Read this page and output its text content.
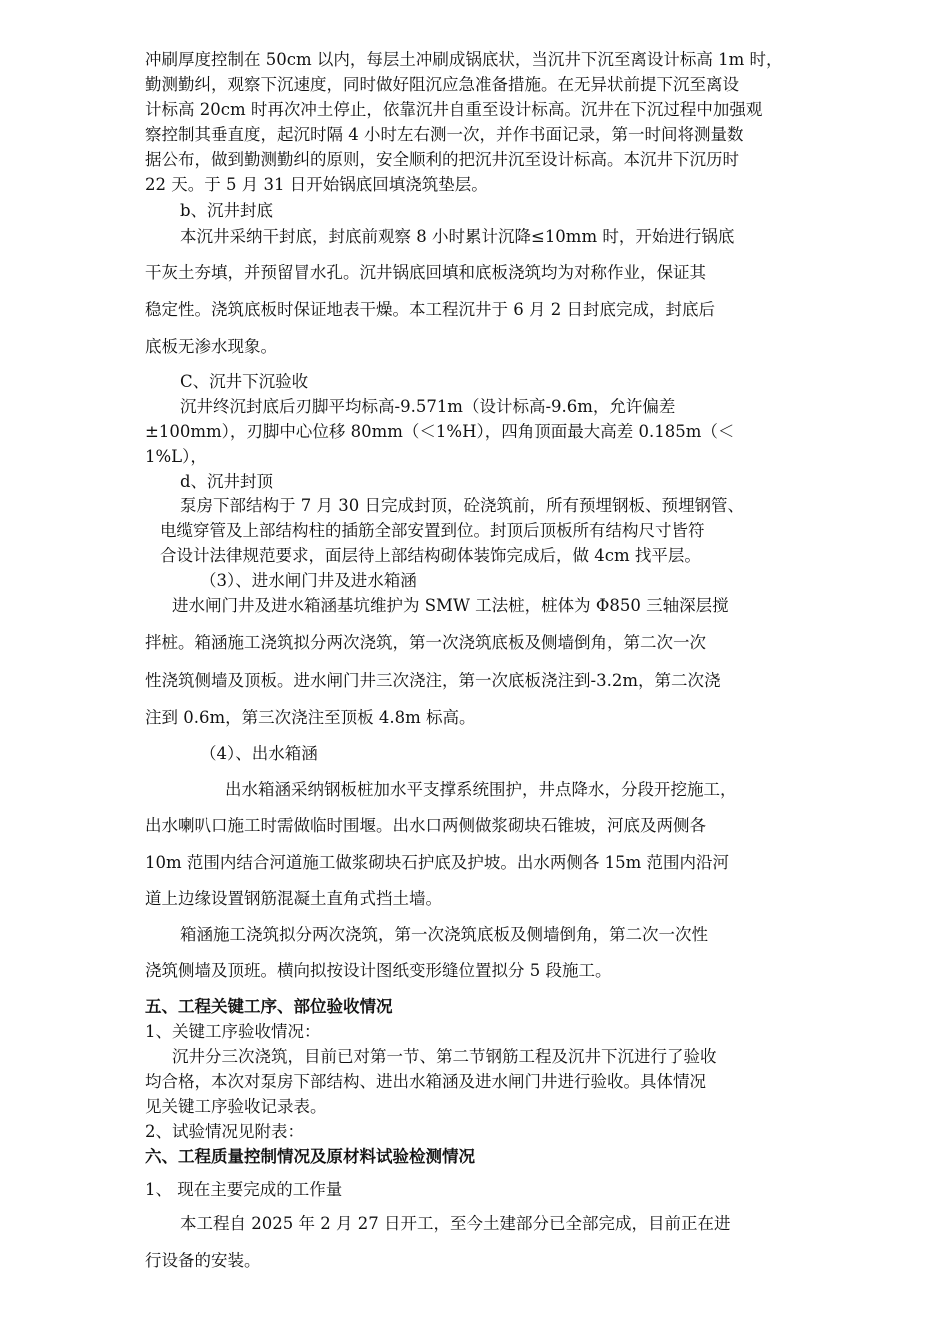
冲刷厚度控制在 50cm 以内，每层土冲刷成锅底状，当沉井下沉至离设计标高 1m 时，
勤测勤纠，观察下沉速度，同时做好阻沉应急准备措施。在无异状前提下沉至离设
计标高 20cm 时再次冲土停止，依靠沉井自重至设计标高。沉井在下沉过程中加强观
察控制其垂直度，起沉时隔 4 小时左右测一次，并作书面记录，第一时间将测量数
据公布，做到勤测勤纠的原则，安全顺利的把沉井沉至设计标高。本沉井下沉历时
22 天。于 5 月 31 日开始锅底回填浇筑垫层。
b、沉井封底
本沉井采纳干封底，封底前观察 8 小时累计沉降≤10mm 时，开始进行锅底
干灰土夯填，并预留冒水孔。沉井锅底回填和底板浇筑均为对称作业，保证其
稳定性。浇筑底板时保证地表干燥。本工程沉井于 6 月 2 日封底完成，封底后
底板无渗水现象。
C、沉井下沉验收
沉井终沉封底后刃脚平均标高-9.571m（设计标高-9.6m，允许偏差
±100mm），刃脚中心位移 80mm（＜1%H），四角顶面最大高差 0.185m（＜
1%L），
d、沉井封顶
泵房下部结构于 7 月 30 日完成封顶，砼浇筑前，所有预埋钢板、预埋钢管、
电缆穿管及上部结构柱的插筋全部安置到位。封顶后顶板所有结构尺寸皆符
合设计法律规范要求，面层待上部结构砌体装饰完成后，做 4cm 找平层。
（3）、进水闸门井及进水箱涵
进水闸门井及进水箱涵基坑维护为 SMW 工法桩，桩体为 Φ850 三轴深层搅
拌桩。箱涵施工浇筑拟分两次浇筑，第一次浇筑底板及侧墙倒角，第二次一次
性浇筑侧墙及顶板。进水闸门井三次浇注，第一次底板浇注到-3.2m，第二次浇
注到 0.6m，第三次浇注至顶板 4.8m 标高。
（4）、出水箱涵
出水箱涵采纳钢板桩加水平支撑系统围护，井点降水，分段开挖施工，
出水喇叭口施工时需做临时围堰。出水口两侧做浆砌块石锥坡，河底及两侧各
10m 范围内结合河道施工做浆砌块石护底及护坡。出水两侧各 15m 范围内沿河
道上边缘设置钢筋混凝土直角式挡土墙。
箱涵施工浇筑拟分两次浇筑，第一次浇筑底板及侧墙倒角，第二次一次性
浇筑侧墙及顶班。横向拟按设计图纸变形缝位置拟分 5 段施工。
五、工程关键工序、部位验收情况
1、关键工序验收情况：
沉井分三次浇筑，目前已对第一节、第二节钢筋工程及沉井下沉进行了验收
均合格，本次对泵房下部结构、进出水箱涵及进水闸门井进行验收。具体情况
见关键工序验收记录表。
2、试验情况见附表：
六、工程质量控制情况及原材料试验检测情况
1、 现在主要完成的工作量
本工程自 2025 年 2 月 27 日开工，至今土建部分已全部完成，目前正在进
行设备的安装。
